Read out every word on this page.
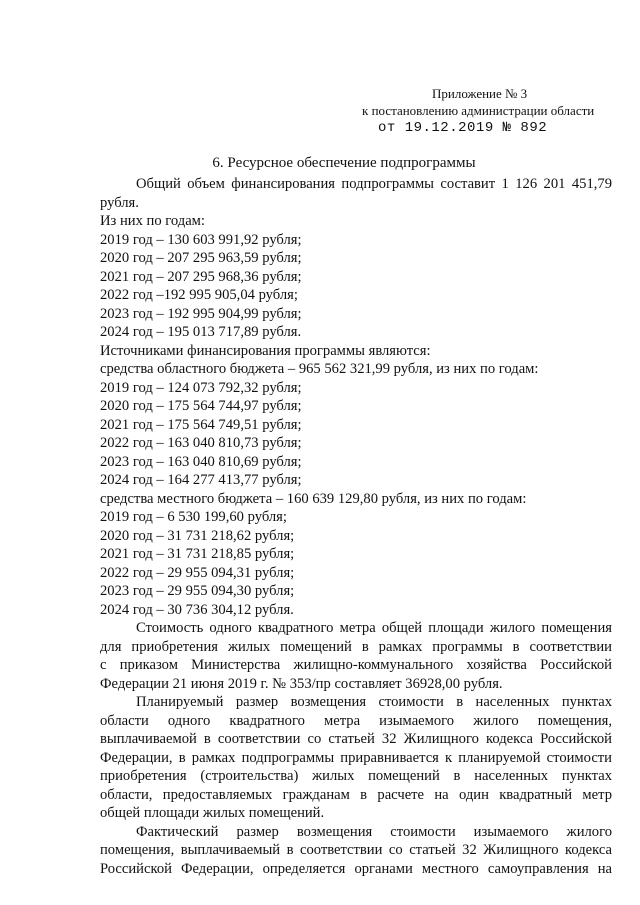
Приложение № 3
к постановлению администрации области
от 19.12.2019 № 892
6. Ресурсное обеспечение подпрограммы
Общий объем финансирования подпрограммы составит 1 126 201 451,79
рубля.
Из них по годам:
2019 год – 130 603 991,92 рубля;
2020 год – 207 295 963,59 рубля;
2021 год – 207 295 968,36 рубля;
2022 год –192 995 905,04 рубля;
2023 год – 192 995 904,99 рубля;
2024 год – 195 013 717,89 рубля.
Источниками финансирования программы являются:
средства областного бюджета – 965 562 321,99 рубля, из них по годам:
2019 год – 124 073 792,32 рубля;
2020 год – 175 564 744,97 рубля;
2021 год – 175 564 749,51 рубля;
2022 год – 163 040 810,73 рубля;
2023 год – 163 040 810,69 рубля;
2024 год – 164 277 413,77 рубля;
средства местного бюджета – 160 639 129,80 рубля, из них по годам:
2019 год – 6 530 199,60 рубля;
2020 год – 31 731 218,62 рубля;
2021 год – 31 731 218,85 рубля;
2022 год – 29 955 094,31 рубля;
2023 год – 29 955 094,30 рубля;
2024 год – 30 736 304,12 рубля.
Стоимость одного квадратного метра общей площади жилого помещения
для приобретения жилых помещений в рамках программы в соответствии
с приказом Министерства жилищно-коммунального хозяйства Российской
Федерации 21 июня 2019 г. № 353/пр составляет 36928,00 рубля.
Планируемый размер возмещения стоимости в населенных пунктах
области одного квадратного метра изымаемого жилого помещения,
выплачиваемой в соответствии со статьей 32 Жилищного кодекса Российской
Федерации, в рамках подпрограммы приравнивается к планируемой стоимости
приобретения (строительства) жилых помещений в населенных пунктах
области, предоставляемых гражданам в расчете на один квадратный метр
общей площади жилых помещений.
Фактический размер возмещения стоимости изымаемого жилого
помещения, выплачиваемый в соответствии со статьей 32 Жилищного кодекса
Российской Федерации, определяется органами местного самоуправления на
